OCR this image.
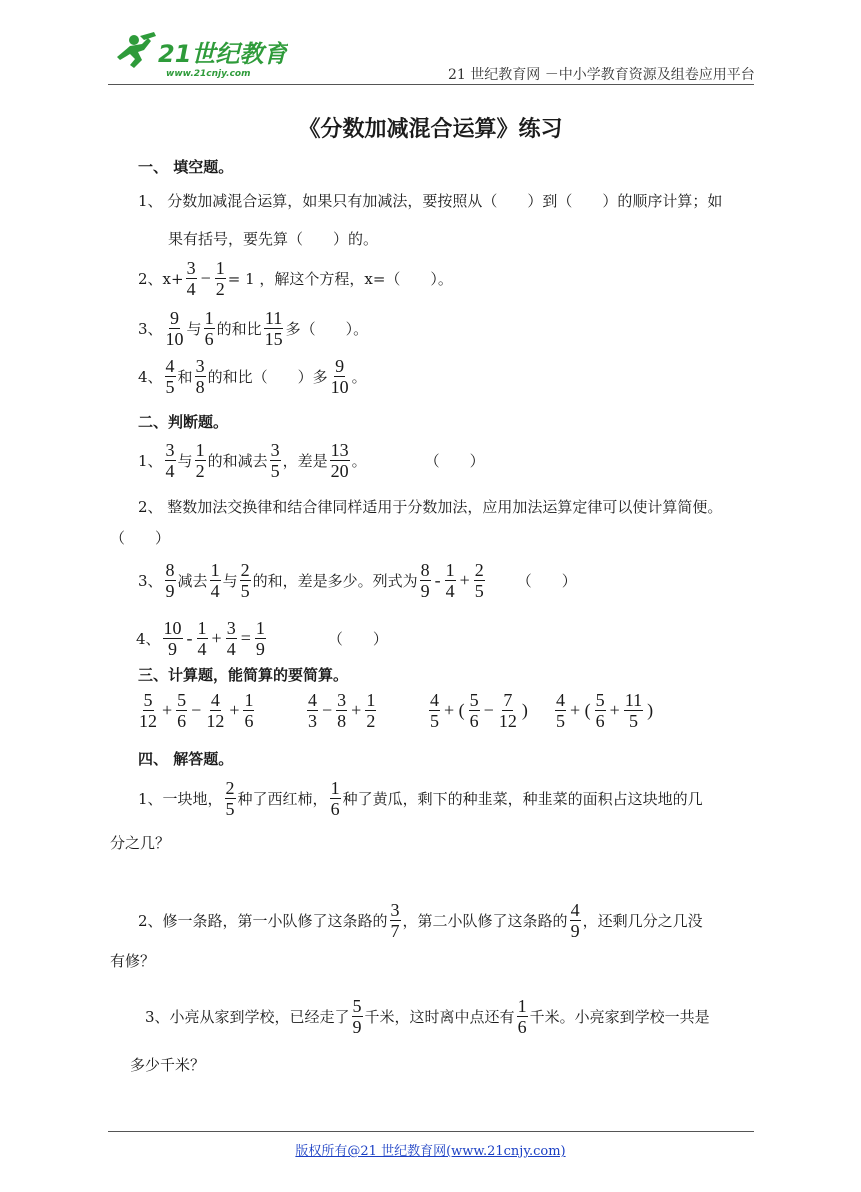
21世纪教育
www.21cnjy.com	21 世纪教育网 －中小学教育资源及组卷应用平台
《分数加减混合运算》练习
一、 填空题。
1、 分数加减混合运算，如果只有加减法，要按照从（　　）到（　　）的顺序计算；如
果有括号，要先算（　　）的。
2、$x+ \frac{3}{4} - \frac{1}{2} = 1$ ，解这个方程，x=（　　）。
3、 $\frac{9}{10}$ 与 $\frac{1}{6}$ 的和比 $\frac{11}{15}$ 多（　　）。
4、 $\frac{4}{5}$ 和 $\frac{3}{8}$ 的和比（　　）多 $\frac{9}{10}$ 。
二、判断题。
1、 $\frac{3}{4}$ 与 $\frac{1}{2}$ 的和减去 $\frac{3}{5}$ ，差是 $\frac{13}{20}$ 。	（　　）
2、 整数加法交换律和结合律同样适用于分数加法，应用加法运算定律可以使计算简便。
（　　）
3、 $\frac{8}{9}$ 减去 $\frac{1}{4}$ 与 $\frac{2}{5}$ 的和，差是多少。列式为 $\frac{8}{9} - \frac{1}{4} + \frac{2}{5}$ （　　）
4、 $\frac{10}{9} - \frac{1}{4} + \frac{3}{4} = \frac{1}{9}$	（　　）
三、计算题，能简算的要简算。
$\frac{5}{12} + \frac{5}{6} - \frac{4}{12} + \frac{1}{6}$	$\frac{4}{3} - \frac{3}{8} + \frac{1}{2}$	$\frac{4}{5}$ + ( $\frac{5}{6} - \frac{7}{12}$ ) $\frac{4}{5}$ + ( $\frac{5}{6} + \frac{11}{5}$ )
四、 解答题。
1、一块地， $\frac{2}{5}$ 种了西红柿， $\frac{1}{6}$ 种了黄瓜，剩下的种韭菜，种韭菜的面积占这块地的几
分之几？
2、修一条路，第一小队修了这条路的 $\frac{3}{7}$ ，第二小队修了这条路的 $\frac{4}{9}$ ，还剩几分之几没
有修？
3、小亮从家到学校，已经走了 $\frac{5}{9}$ 千米，这时离中点还有 $\frac{1}{6}$ 千米。小亮家到学校一共是
多少千米？
版权所有@21 世纪教育网(www.21cnjy.com)
